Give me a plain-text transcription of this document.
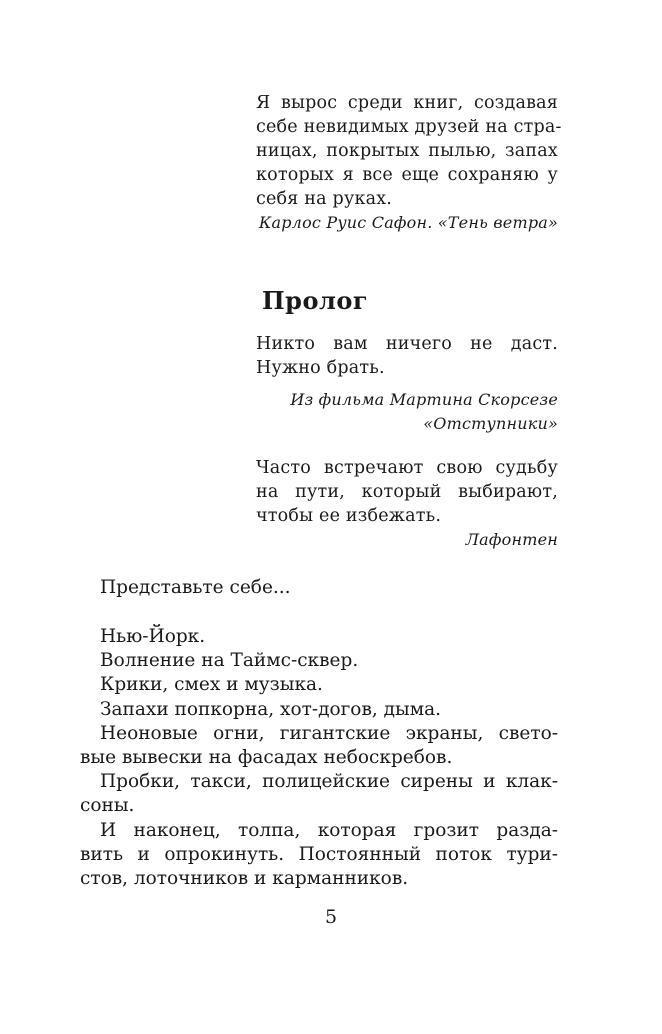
Я вырос среди книг, создавая
себе невидимых друзей на стра-
ницах, покрытых пылью, запах
которых я все еще сохраняю у
себя на руках.
Карлос Руис Сафон. «Тень ветра»
Пролог
Никто вам ничего не даст.
Нужно брать.
Из фильма Мартина Скорсезе
«Отступники»
Часто встречают свою судьбу
на пути, который выбирают,
чтобы ее избежать.
Лафонтен
Представьте себе...
Нью-Йорк.
Волнение на Таймс-сквер.
Крики, смех и музыка.
Запахи попкорна, хот-догов, дыма.
Неоновые огни, гигантские экраны, свето-
вые вывески на фасадах небоскребов.
Пробки, такси, полицейские сирены и клак-
соны.
И наконец, толпа, которая грозит разда-
вить и опрокинуть. Постоянный поток тури-
стов, лоточников и карманников.
5
